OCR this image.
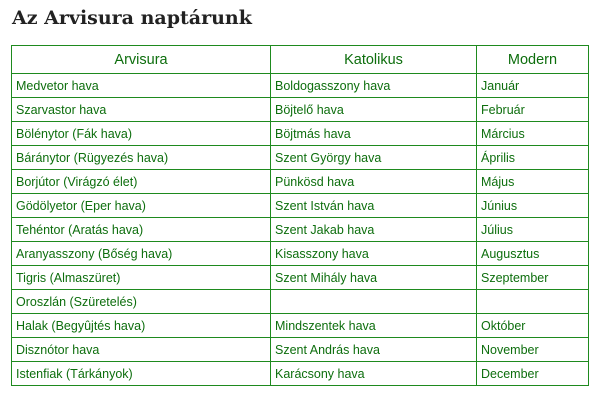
Az Arvisura naptárunk
Arvisura	Katolikus	Modern
Medvetor hava	Boldogasszony hava	Január
Szarvastor hava	Böjtelő hava	Február
Bölénytor (Fák hava)	Böjtmás hava	Március
Báránytor (Rügyezés hava)	Szent György hava	Április
Borjútor (Virágzó élet)	Pünkösd hava	Május
Gödölyetor (Eper hava)	Szent István hava	Június
Tehéntor (Aratás hava)	Szent Jakab hava	Július
Aranyasszony (Bőség hava)	Kisasszony hava	Augusztus
Tigris (Almaszüret)	Szent Mihály hava	Szeptember
Oroszlán (Szüretelés)		
Halak (Begyûjtés hava)	Mindszentek hava	Október
Disznótor hava	Szent András hava	November
Istenfiak (Tárkányok)	Karácsony hava	December
